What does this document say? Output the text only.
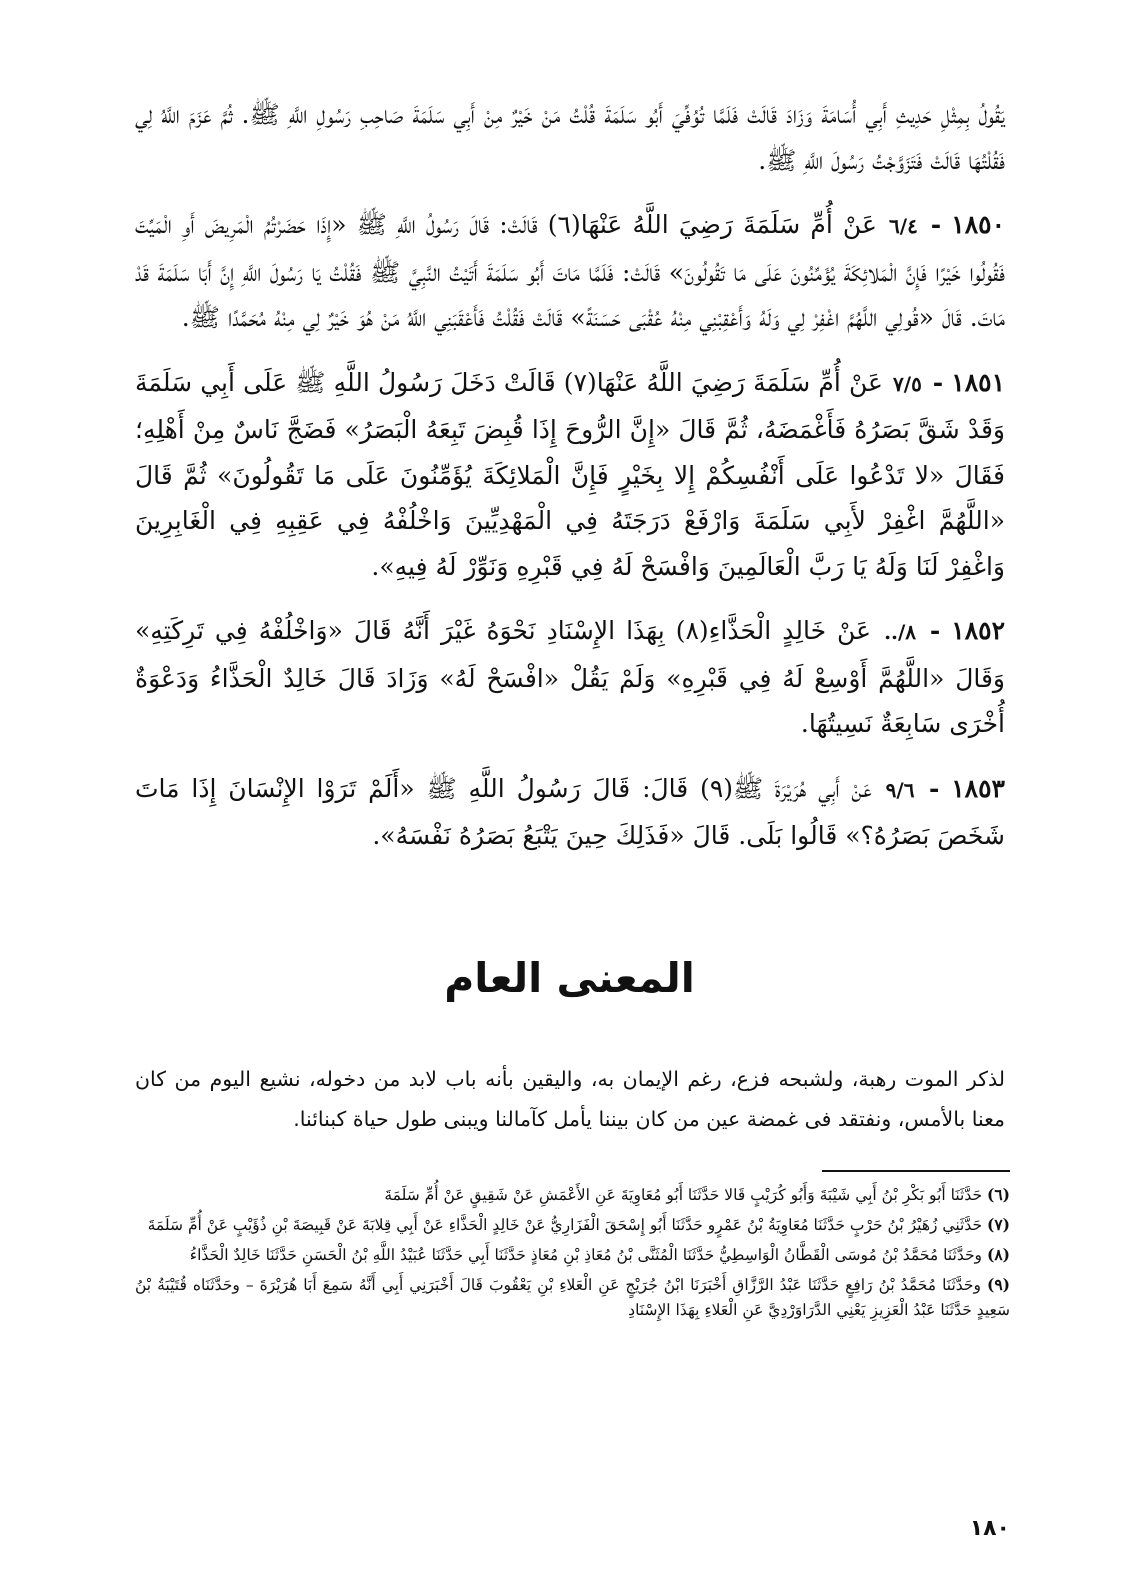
يَقُولُ بِمِثْلِ حَدِيثِ أَبِي أُسَامَةَ وَزَادَ قَالَتْ فَلَمَّا تُوُفِّيَ أَبُو سَلَمَةَ قُلْتُ مَنْ خَيْرٌ مِنْ أَبِي سَلَمَةَ صَاحِبِ رَسُولِ اللَّهِ ﷺ. ثُمَّ عَزَمَ اللَّهُ لِي فَقُلْتُهَا قَالَتْ فَتَزَوَّجْتُ رَسُولَ اللَّهِ ﷺ.

١٨٥٠ - ٦/٤ عَنْ أُمِّ سَلَمَةَ رَضِيَ اللَّهُ عَنْهَا(٦) قَالَتْ: قَالَ رَسُولُ اللَّهِ ﷺ «إِذَا حَضَرْتُمُ الْمَرِيضَ أَوِ الْمَيِّتَ فَقُولُوا خَيْرًا فَإِنَّ الْمَلائِكَةَ يُؤَمِّنُونَ عَلَى مَا تَقُولُونَ» قَالَتْ: فَلَمَّا مَاتَ أَبُو سَلَمَةَ أَتَيْتُ النَّبِيَّ ﷺ فَقُلْتُ يَا رَسُولَ اللَّهِ إِنَّ أَبَا سَلَمَةَ قَدْ مَاتَ. قَالَ «قُولِي اللَّهُمَّ اغْفِرْ لِي وَلَهُ وَأَعْقِبْنِي مِنْهُ عُقْبَى حَسَنَةً» قَالَتْ فَقُلْتُ فَأَعْقَبَنِي اللَّهُ مَنْ هُوَ خَيْرٌ لِي مِنْهُ مُحَمَّدًا ﷺ.

١٨٥١ - ٧/٥ عَنْ أُمِّ سَلَمَةَ رَضِيَ اللَّهُ عَنْهَا(٧) قَالَتْ دَخَلَ رَسُولُ اللَّهِ ﷺ عَلَى أَبِي سَلَمَةَ وَقَدْ شَقَّ بَصَرُهُ فَأَغْمَضَهُ، ثُمَّ قَالَ «إِنَّ الرُّوحَ إِذَا قُبِضَ تَبِعَهُ الْبَصَرُ» فَضَجَّ نَاسٌ مِنْ أَهْلِهِ؛ فَقَالَ «لا تَدْعُوا عَلَى أَنْفُسِكُمْ إِلا بِخَيْرٍ فَإِنَّ الْمَلائِكَةَ يُؤَمِّنُونَ عَلَى مَا تَقُولُونَ» ثُمَّ قَالَ «اللَّهُمَّ اغْفِرْ لأَبِي سَلَمَةَ وَارْفَعْ دَرَجَتَهُ فِي الْمَهْدِيِّينَ وَاخْلُفْهُ فِي عَقِبِهِ فِي الْغَابِرِينَ وَاغْفِرْ لَنَا وَلَهُ يَا رَبَّ الْعَالَمِينَ وَافْسَحْ لَهُ فِي قَبْرِهِ وَنَوِّرْ لَهُ فِيهِ».

١٨٥٢ - ٨/.. عَنْ خَالِدٍ الْحَذَّاءِ(٨) بِهَذَا الإِسْنَادِ نَحْوَهُ غَيْرَ أَنَّهُ قَالَ «وَاخْلُفْهُ فِي تَرِكَتِهِ» وَقَالَ «اللَّهُمَّ أَوْسِعْ لَهُ فِي قَبْرِهِ» وَلَمْ يَقُلْ «افْسَحْ لَهُ» وَزَادَ قَالَ خَالِدٌ الْحَذَّاءُ وَدَعْوَةٌ أُخْرَى سَابِعَةٌ نَسِيتُهَا.

١٨٥٣ - ٩/٦ عَنْ أَبِي هُرَيْرَةَ ﷺ(٩) قَالَ: قَالَ رَسُولُ اللَّهِ ﷺ «أَلَمْ تَرَوْا الإِنْسَانَ إِذَا مَاتَ شَخَصَ بَصَرُهُ؟» قَالُوا بَلَى. قَالَ «فَذَلِكَ حِينَ يَتْبَعُ بَصَرُهُ نَفْسَهُ».

المعنى العام

لذكر الموت رهبة، ولشبحه فزع، رغم الإيمان به، واليقين بأنه باب لابد من دخوله، نشيع اليوم من كان معنا بالأمس، ونفتقد فى غمضة عين من كان بيننا يأمل كآمالنا ويبنى طول حياة كبنائنا.

(٦) حَدَّثَنَا أَبُو بَكْرِ بْنُ أَبِي شَيْبَةَ وَأَبُو كُرَيْبٍ قَالا حَدَّثَنَا أَبُو مُعَاوِيَةَ عَنِ الأَعْمَشِ عَنْ شَقِيقٍ عَنْ أُمِّ سَلَمَةَ

(٧) حَدَّثَنِي زُهَيْرُ بْنُ حَرْبٍ حَدَّثَنَا مُعَاوِيَةُ بْنُ عَمْرٍو حَدَّثَنَا أَبُو إِسْحَقَ الْفَزَارِيُّ عَنْ خَالِدٍ الْحَذَّاءِ عَنْ أَبِي قِلابَةَ عَنْ قَبِيصَةَ بْنِ ذُؤَيْبٍ عَنْ أُمِّ سَلَمَةَ

(٨) وحَدَّثَنَا مُحَمَّدُ بْنُ مُوسَى الْقَطَّانُ الْوَاسِطِيُّ حَدَّثَنَا الْمُثَنَّى بْنُ مُعَاذِ بْنِ مُعَاذٍ حَدَّثَنَا أَبِي حَدَّثَنَا عُبَيْدُ اللَّهِ بْنُ الْحَسَنِ حَدَّثَنَا خَالِدٌ الْحَذَّاءُ

(٩) وحَدَّثَنَا مُحَمَّدُ بْنُ رَافِعٍ حَدَّثَنَا عَبْدُ الرَّزَّاقِ أَخْبَرَنَا ابْنُ جُرَيْجٍ عَنِ الْعَلاءِ بْنِ يَعْقُوبَ قَالَ أَخْبَرَنِي أَبِي أَنَّهُ سَمِعَ أَبَا هُرَيْرَةَ – وحَدَّثَنَاه قُتَيْبَةُ بْنُ سَعِيدٍ حَدَّثَنَا عَبْدُ الْعَزِيزِ يَعْنِي الدَّرَاوَرْدِيَّ عَنِ الْعَلاءِ بِهَذَا الإِسْنَادِ

١٨٠
